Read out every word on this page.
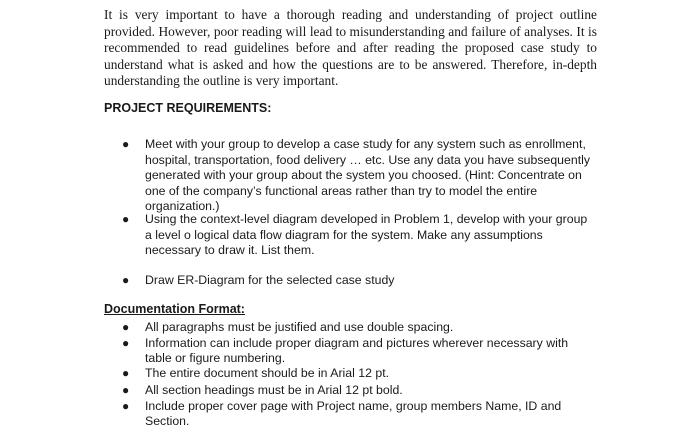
It is very important to have a thorough reading and understanding of project outline provided. However, poor reading will lead to misunderstanding and failure of analyses. It is recommended to read guidelines before and after reading the proposed case study to understand what is asked and how the questions are to be answered. Therefore, in-depth understanding the outline is very important.

PROJECT REQUIREMENTS:

● Meet with your group to develop a case study for any system such as enrollment, hospital, transportation, food delivery … etc. Use any data you have subsequently generated with your group about the system you choosed. (Hint: Concentrate on one of the company’s functional areas rather than try to model the entire organization.)
● Using the context-level diagram developed in Problem 1, develop with your group a level o logical data flow diagram for the system. Make any assumptions necessary to draw it. List them.
● Draw ER-Diagram for the selected case study

Documentation Format:

● All paragraphs must be justified and use double spacing.
● Information can include proper diagram and pictures wherever necessary with table or figure numbering.
● The entire document should be in Arial 12 pt.
● All section headings must be in Arial 12 pt bold.
● Include proper cover page with Project name, group members Name, ID and Section.
